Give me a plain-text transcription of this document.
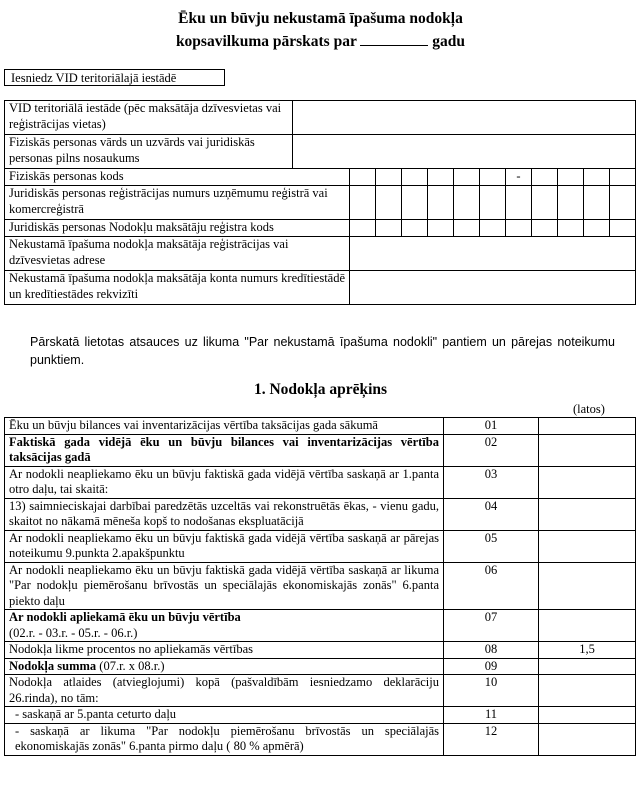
Ēku un būvju nekustamā īpašuma nodokļa
kopsavilkuma pārskats par	gadu
Iesniedz VID teritoriālajā iestādē
VID teritoriālā iestāde (pēc maksātāja dzīvesvietas vai reģistrācijas vietas)												
Fiziskās personas vārds un uzvārds vai juridiskās personas pilns nosaukums												
Fiziskās personas kods								-				
Juridiskās personas reģistrācijas numurs uzņēmumu reģistrā vai komercreģistrā												
Juridiskās personas Nodokļu maksātāju reģistra kods												
Nekustamā īpašuma nodokļa maksātāja reģistrācijas vai dzīvesvietas adrese												
Nekustamā īpašuma nodokļa maksātāja konta numurs kredītiestādē un kredītiestādes rekvizīti												
Pārskatā lietotas atsauces uz likuma "Par nekustamā īpašuma nodokli" pantiem un pārejas noteikumu punktiem.
1. Nodokļa aprēķins
(latos)
Ēku un būvju bilances vai inventarizācijas vērtība taksācijas gada sākumā	01	
Faktiskā gada vidējā ēku un būvju bilances vai inventarizācijas vērtība taksācijas gadā	02	
Ar nodokli neapliekamo ēku un būvju faktiskā gada vidējā vērtība saskaņā ar 1.panta otro daļu, tai skaitā:	03	
13) saimnieciskajai darbībai paredzētās uzceltās vai rekonstruētās ēkas, - vienu gadu, skaitot no nākamā mēneša kopš to nodošanas ekspluatācijā	04	
Ar nodokli neapliekamo ēku un būvju faktiskā gada vidējā vērtība saskaņā ar pārejas noteikumu 9.punkta 2.apakšpunktu	05	
Ar nodokli neapliekamo ēku un būvju faktiskā gada vidējā vērtība saskaņā ar likuma "Par nodokļu piemērošanu brīvostās un speciālajās ekonomiskajās zonās" 6.panta piekto daļu	06	
Ar nodokli apliekamā ēku un būvju vērtība
(02.r. - 03.r. - 05.r. - 06.r.)	07	
Nodokļa likme procentos no apliekamās vērtības	08	1,5
Nodokļa summa (07.r. x 08.r.)	09	
Nodokļa atlaides (atvieglojumi) kopā (pašvaldībām iesniedzamo deklarāciju 26.rinda), no tām:	10	
- saskaņā ar 5.panta ceturto daļu	11	
- saskaņā ar likuma "Par nodokļu piemērošanu brīvostās un speciālajās ekonomiskajās zonās" 6.panta pirmo daļu ( 80 % apmērā)	12	
